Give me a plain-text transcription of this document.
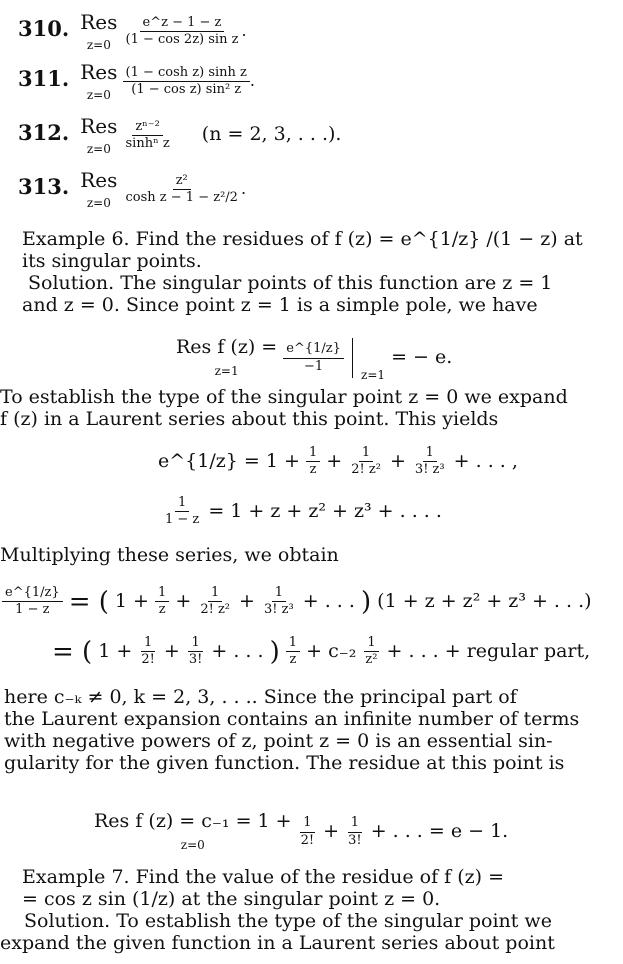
310. Res
$z=0 \frac{e\^{}z - 1 - z}{\text{(1 − cos 2z) sin z}}$ .
311. Res
$z=0 \frac{\text{(1 − cosh z) sinh z}}{\text{(1 − cos z) sin² z}}$ .
312. Res
$z=0 \frac{\text{zⁿ⁻²}}{\text{sinhⁿ z}} (n = 2$, 3, . . .).
313. Res
$z=0 \frac{\text{z²}}{\text{cosh z − 1 − z²/2}}$ .
Example 6. Find the residues of f (z) = e^{1/z} /(1 − z) at
its singular points.
Solution. The singular points of this function are z = 1
and z = 0. Since point z = 1 is a simple pole, we have
Res f (z) =
z=1	$\frac{e\^{}\{1/z\}}{-1}$
$_{z=1}$ = − e.
To establish the type of the singular point z = 0 we expand
f (z) in a Laurent series about this point. This yields
e^{1/z} = $1 + \frac{1}{z} + \frac{1}{\text{2! z²}} + \frac{1}{\text{3! z³}}$ + . . . ,
$\frac{1}{1 - z} = 1 + z + z^2 + z^3$ + . . . .
Multiplying these series, we obtain
$\frac{e\^{}\{1/z\}}{1 - z}$ = ( $1 + \frac{1}{z} + \frac{1}{\text{2! z²}} + \frac{1}{\text{3! z³}}$ + . . . ) (1 + z + z² + z³ + . . .)
= ( $1 + \frac{1}{2!} + \frac{1}{3!}$ + . . . ) $\frac{1}{z} + c_{-2} \frac{1}{\text{z²}}$ + . . . + regular part,
here c₋ₖ ≠ 0, k = 2, 3, . . .. Since the principal part of
the Laurent expansion contains an infinite number of terms
with negative powers of z, point z = 0 is an essential sin-
gularity for the given function. The residue at this point is
Res f (z) = c₋₁ = 1 +
z=0	$\frac{1}{2!} + \frac{1}{3!}$ + . . . = e − 1.
Example 7. Find the value of the residue of f (z) =
= cos z sin (1/z) at the singular point z = 0.
Solution. To establish the type of the singular point we
expand the given function in a Laurent series about point
